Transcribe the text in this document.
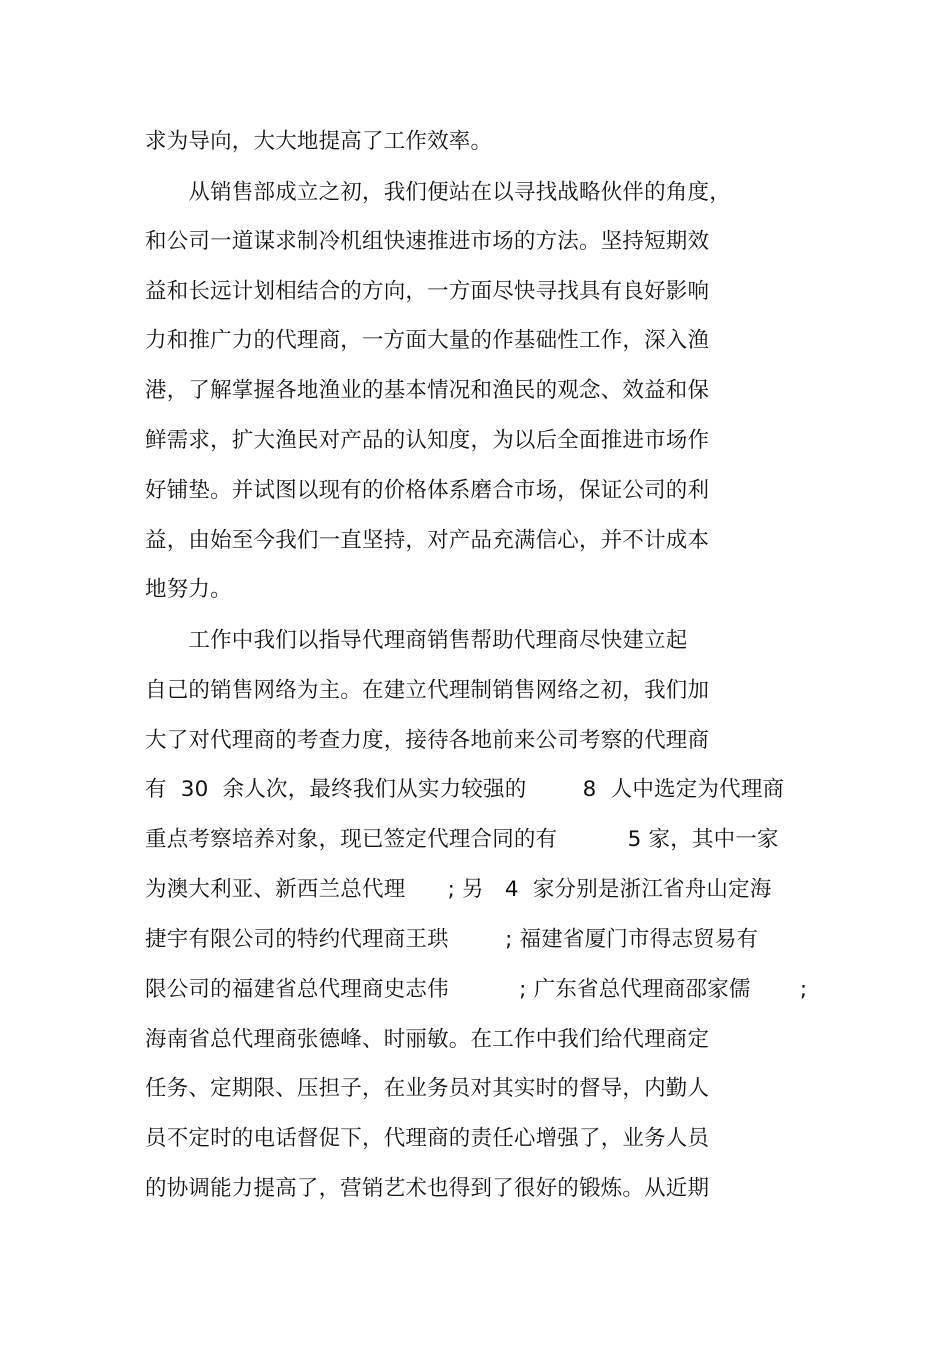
求为导向，大大地提高了工作效率。
　　从销售部成立之初，我们便站在以寻找战略伙伴的角度，
和公司一道谋求制冷机组快速推进市场的方法。坚持短期效
益和长远计划相结合的方向，一方面尽快寻找具有良好影响
力和推广力的代理商，一方面大量的作基础性工作，深入渔
港，了解掌握各地渔业的基本情况和渔民的观念、效益和保
鲜需求，扩大渔民对产品的认知度，为以后全面推进市场作
好铺垫。并试图以现有的价格体系磨合市场，保证公司的利
益，由始至今我们一直坚持，对产品充满信心，并不计成本
地努力。
　　工作中我们以指导代理商销售帮助代理商尽快建立起
自己的销售网络为主。在建立代理制销售网络之初，我们加
大了对代理商的考查力度，接待各地前来公司考察的代理商
有  30  余人次，最终我们从实力较强的        8  人中选定为代理商
重点考察培养对象，现已签定代理合同的有          5 家，其中一家
为澳大利亚、新西兰总代理      ; 另   4  家分别是浙江省舟山定海
捷宇有限公司的特约代理商王珙        ; 福建省厦门市得志贸易有
限公司的福建省总代理商史志伟          ; 广东省总代理商邵家儒       ;
海南省总代理商张德峰、时丽敏。在工作中我们给代理商定
任务、定期限、压担子，在业务员对其实时的督导，内勤人
员不定时的电话督促下，代理商的责任心增强了，业务人员
的协调能力提高了，营销艺术也得到了很好的锻炼。从近期
